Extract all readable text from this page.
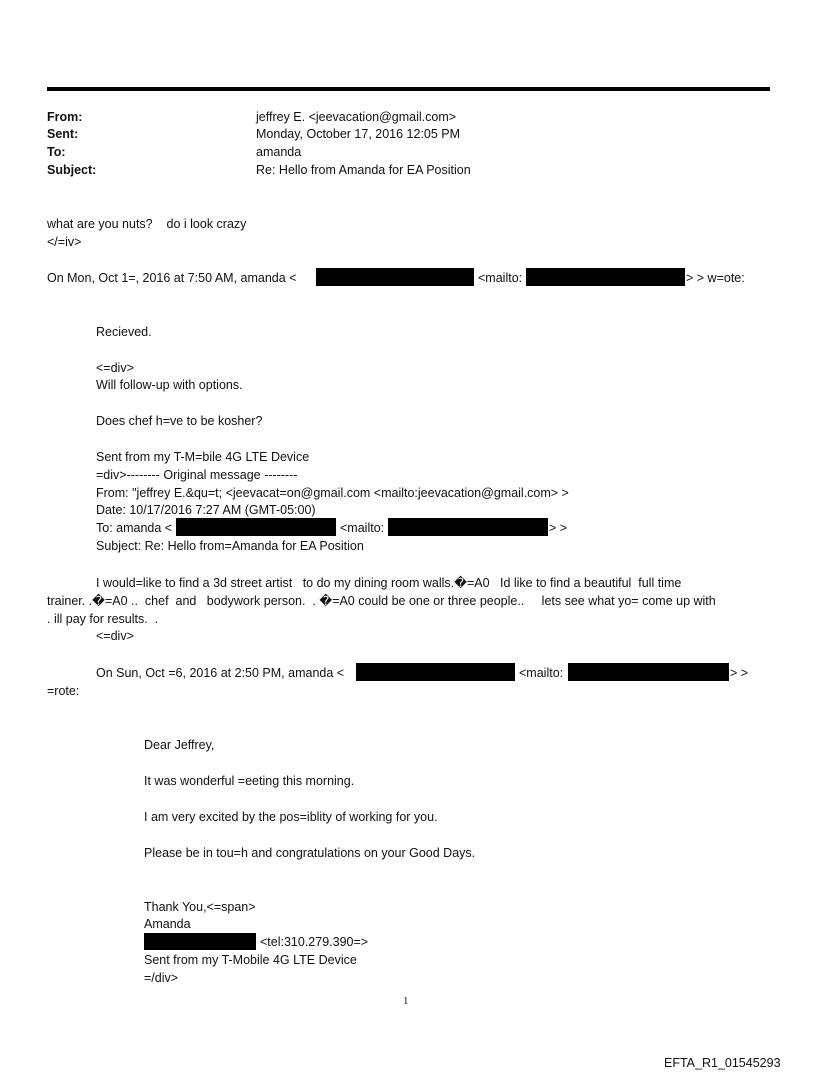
From:	jeffrey E. <jeevacation@gmail.com>
Sent:	Monday, October 17, 2016 12:05 PM
To:	amanda
Subject:	Re: Hello from Amanda for EA Position
what are you nuts?    do i look crazy
</=iv>
On Mon, Oct 1=, 2016 at 7:50 AM, amanda <	<mailto:	> > w=ote:
Recieved.
<=div>
Will follow-up with options.
Does chef h=ve to be kosher?
Sent from my T-M=bile 4G LTE Device
=div>-------- Original message --------
From: "jeffrey E.&qu=t; <jeevacat=on@gmail.com <mailto:jeevacation@gmail.com> >
Date: 10/17/2016 7:27 AM (GMT-05:00)
To: amanda <	<mailto:	> >
Subject: Re: Hello from=Amanda for EA Position
I would=like to find a 3d street artist   to do my dining room walls.�=A0   Id like to find a beautiful  full time
trainer. .�=A0 ..  chef  and   bodywork person.  . �=A0 could be one or three people..     lets see what yo= come up with
. ill pay for results.  .
<=div>
On Sun, Oct =6, 2016 at 2:50 PM, amanda <	<mailto:	> >
=rote:
Dear Jeffrey,
It was wonderful =eeting this morning.
I am very excited by the pos=iblity of working for you.
Please be in tou=h and congratulations on your Good Days.
Thank You,<=span>
Amanda
<tel:310.279.390=>
Sent from my T-Mobile 4G LTE Device
=/div>
1
EFTA_R1_01545293
